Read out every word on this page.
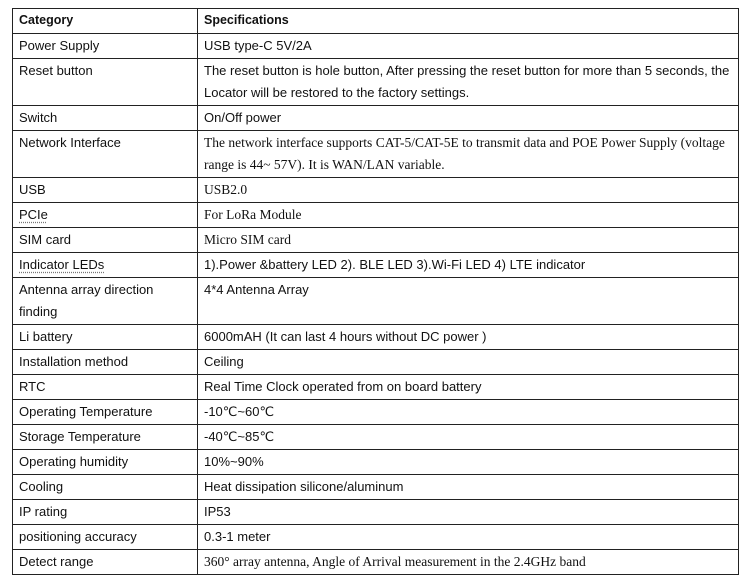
Category	Specifications
Power Supply	USB type-C 5V/2A
Reset button	The reset button is hole button, After pressing the reset button for more than 5 seconds, the Locator will be restored to the factory settings.
Switch	On/Off power
Network Interface	The network interface supports CAT-5/CAT-5E to transmit data and POE Power Supply (voltage range is 44~ 57V). It is WAN/LAN variable.
USB	USB2.0
PCIe	For LoRa Module
SIM card	Micro SIM card
Indicator LEDs	1).Power &battery LED 2). BLE LED 3).Wi-Fi LED 4) LTE indicator
Antenna array direction finding	4*4 Antenna Array
Li battery	6000mAH (It can last 4 hours without DC power )
Installation method	Ceiling
RTC	Real Time Clock operated from on board battery
Operating Temperature	-10℃~60℃
Storage Temperature	-40℃~85℃
Operating humidity	10%~90%
Cooling	Heat dissipation silicone/aluminum
IP rating	IP53
positioning accuracy	0.3-1 meter
Detect range	360° array antenna, Angle of Arrival measurement in the 2.4GHz band
